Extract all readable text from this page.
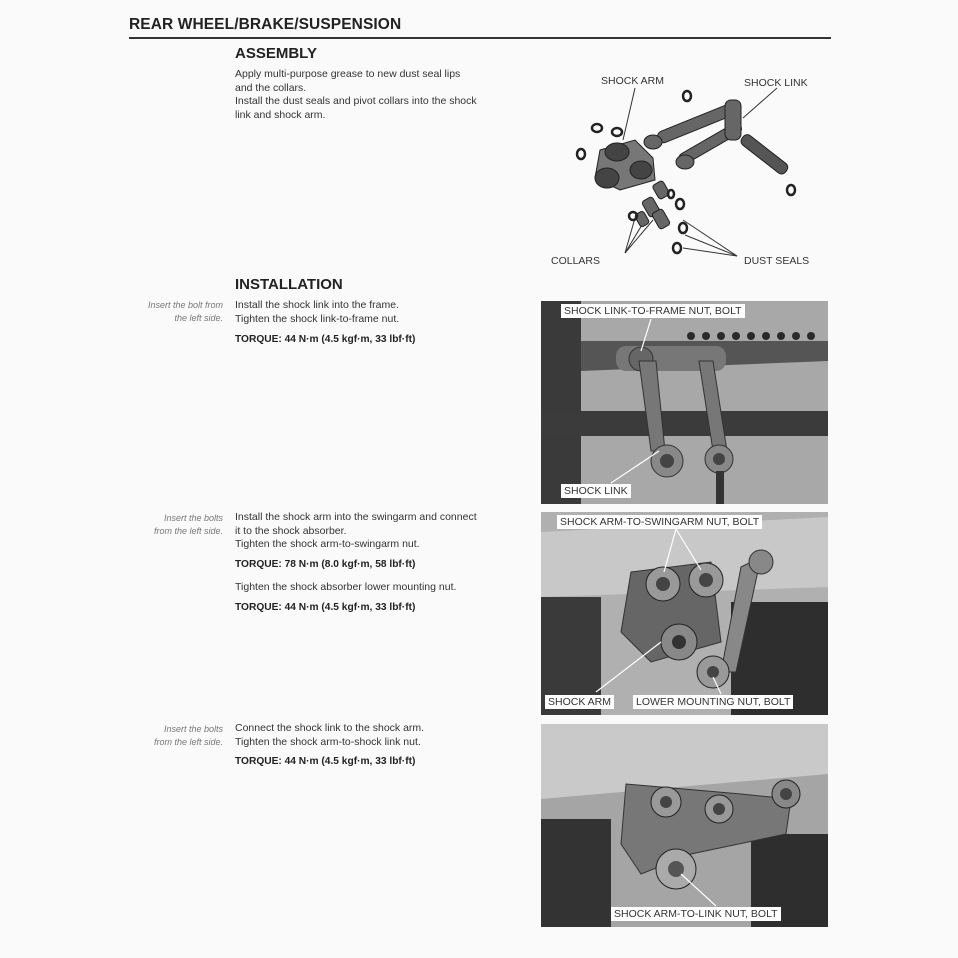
REAR WHEEL/BRAKE/SUSPENSION
ASSEMBLY
Apply multi-purpose grease to new dust seal lips
and the collars.
Install the dust seals and pivot collars into the shock
link and shock arm.
SHOCK ARM	SHOCK LINK
COLLARS	DUST SEALS
INSTALLATION
Insert the bolt from
the left side.
Install the shock link into the frame.
Tighten the shock link-to-frame nut.
TORQUE: 44 N·m (4.5 kgf·m, 33 lbf·ft)
SHOCK LINK-TO-FRAME NUT, BOLT
SHOCK LINK
Insert the bolts
from the left side.
Install the shock arm into the swingarm and connect
it to the shock absorber.
Tighten the shock arm-to-swingarm nut.
TORQUE: 78 N·m (8.0 kgf·m, 58 lbf·ft)
Tighten the shock absorber lower mounting nut.
TORQUE: 44 N·m (4.5 kgf·m, 33 lbf·ft)
SHOCK ARM-TO-SWINGARM NUT, BOLT
SHOCK ARM LOWER MOUNTING NUT, BOLT
Insert the bolts
from the left side.
Connect the shock link to the shock arm.
Tighten the shock arm-to-shock link nut.
TORQUE: 44 N·m (4.5 kgf·m, 33 lbf·ft)
SHOCK ARM-TO-LINK NUT, BOLT
